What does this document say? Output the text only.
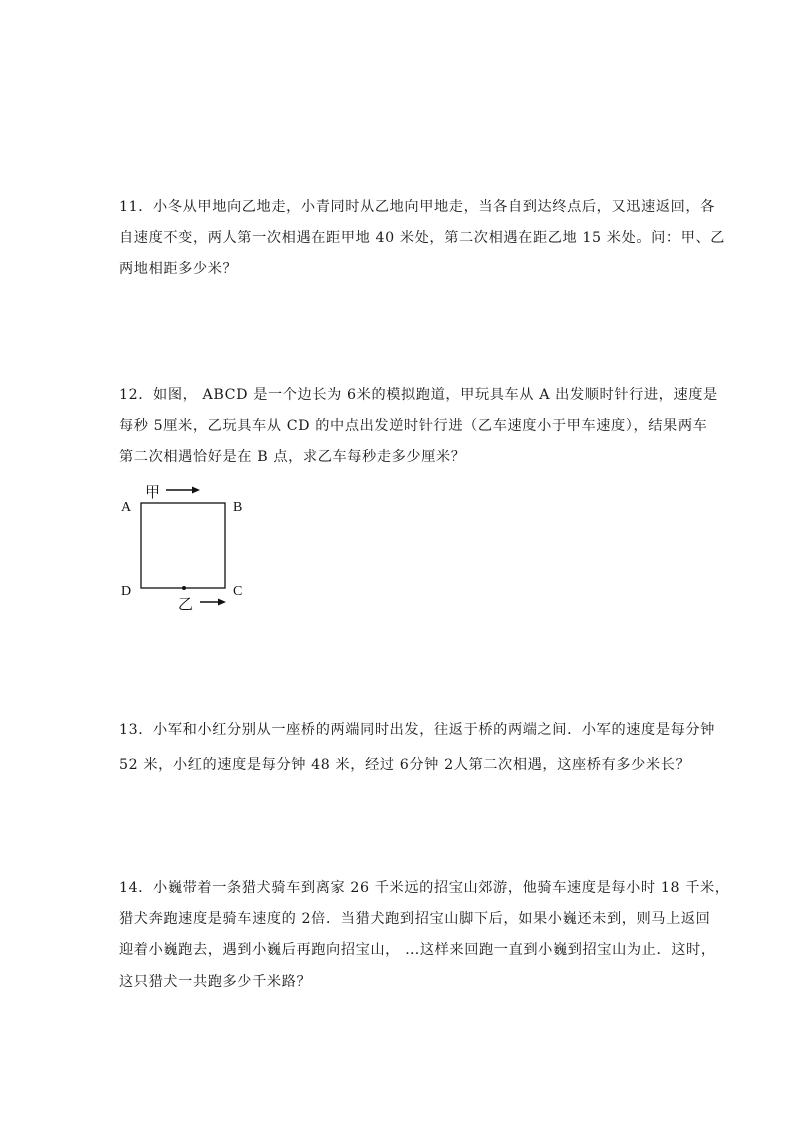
11．小冬从甲地向乙地走，小青同时从乙地向甲地走，当各自到达终点后，又迅速返回，各
自速度不变，两人第一次相遇在距甲地 40 米处，第二次相遇在距乙地 15 米处。问：甲、乙
两地相距多少米？
12．如图， ABCD 是一个边长为 6米的模拟跑道，甲玩具车从 A 出发顺时针行进，速度是
每秒 5厘米，乙玩具车从 CD 的中点出发逆时针行进（乙车速度小于甲车速度），结果两车
第二次相遇恰好是在 B 点，求乙车每秒走多少厘米？
A	B
C
D
甲
乙
13．小军和小红分别从一座桥的两端同时出发，往返于桥的两端之间．小军的速度是每分钟
52 米，小红的速度是每分钟 48 米，经过 6分钟 2人第二次相遇，这座桥有多少米长？
14．小巍带着一条猎犬骑车到离家 26 千米远的招宝山郊游，他骑车速度是每小时 18 千米，
猎犬奔跑速度是骑车速度的 2倍．当猎犬跑到招宝山脚下后，如果小巍还未到，则马上返回
迎着小巍跑去，遇到小巍后再跑向招宝山， …这样来回跑一直到小巍到招宝山为止．这时，
这只猎犬一共跑多少千米路？
